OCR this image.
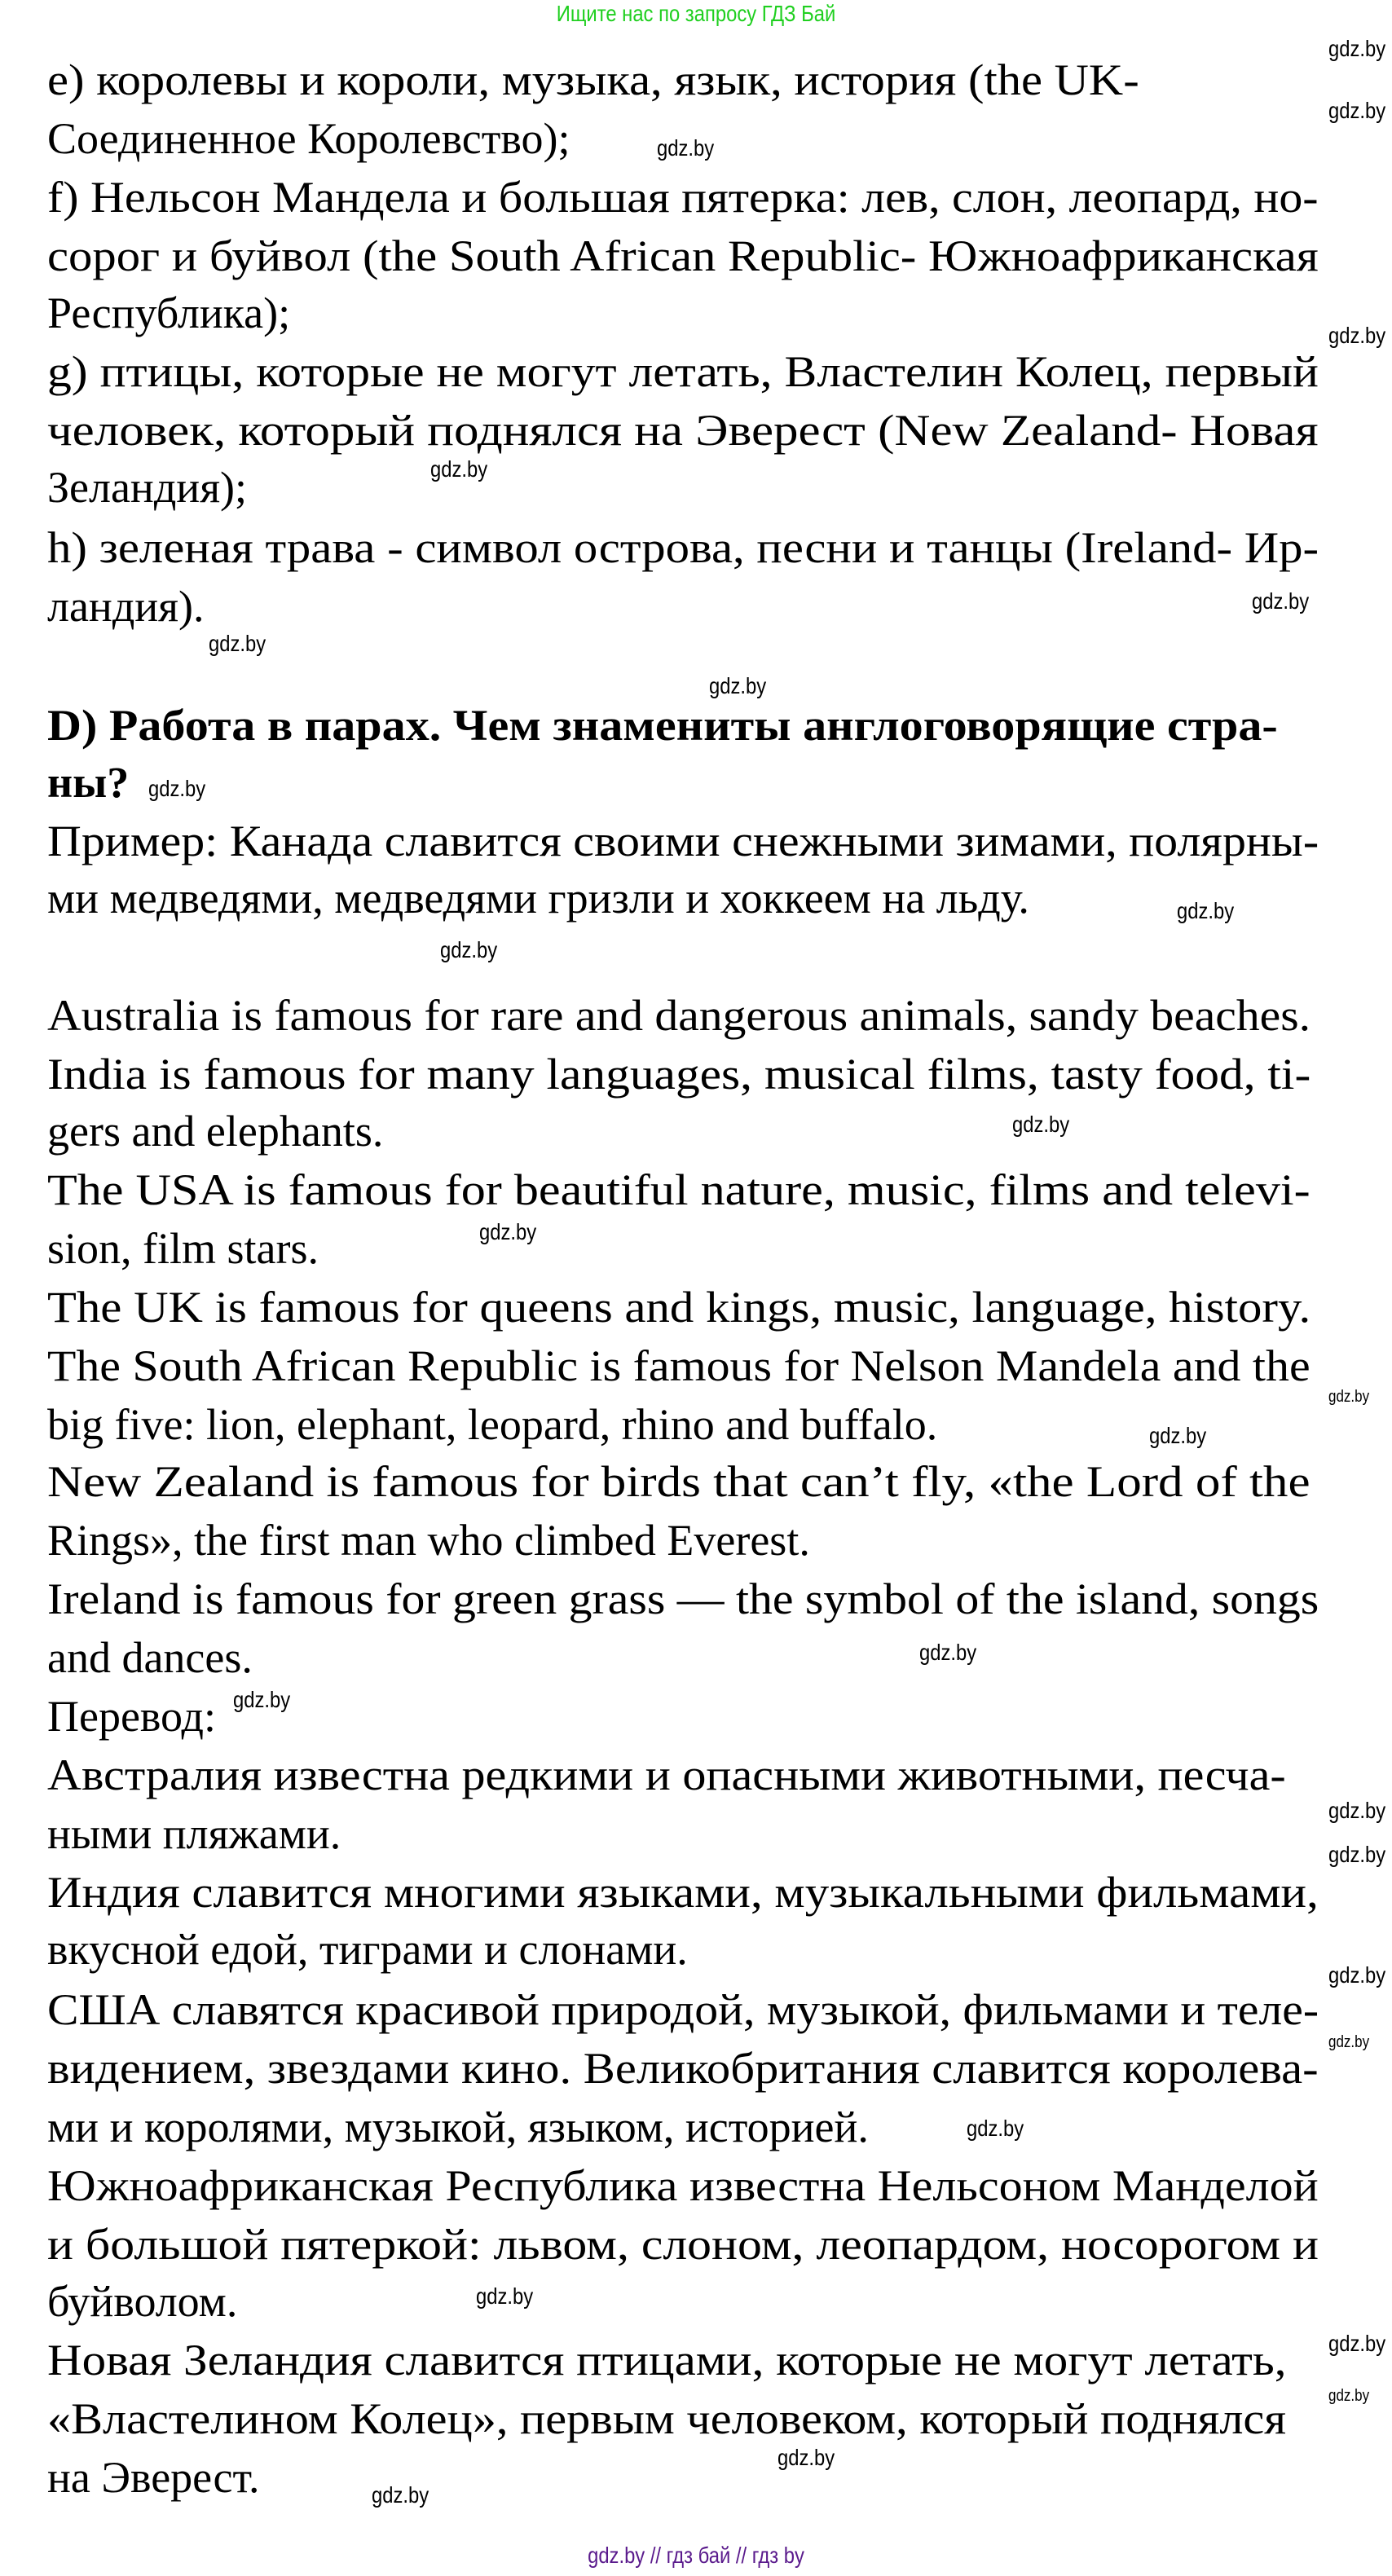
Ищите нас по запросу ГДЗ Бай
e) королевы и короли, музыка, язык, история (the UK-
Соединенное Королевство);
f) Нельсон Мандела и большая пятерка: лев, слон, леопард, но-
сорог и буйвол (the South African Republic- Южноафриканская
Республика);
g) птицы, которые не могут летать, Властелин Колец, первый
человек, который поднялся на Эверест (New Zealand- Новая
Зеландия);
h) зеленая трава - символ острова, песни и танцы (Ireland- Ир-
ландия).
D) Работа в парах. Чем знамениты англоговорящие стра-
ны?
Пример: Канада славится своими снежными зимами, полярны-
ми медведями, медведями гризли и хоккеем на льду.
Australia is famous for rare and dangerous animals, sandy beaches.
India is famous for many languages, musical films, tasty food, ti-
gers and elephants.
The USA is famous for beautiful nature, music, films and televi-
sion, film stars.
The UK is famous for queens and kings, music, language, history.
The South African Republic is famous for Nelson Mandela and the
big five: lion, elephant, leopard, rhino and buffalo.
New Zealand is famous for birds that can’t fly, «the Lord of the
Rings», the first man who climbed Everest.
Ireland is famous for green grass — the symbol of the island, songs
and dances.
Перевод:
Австралия известна редкими и опасными животными, песча-
ными пляжами.
Индия славится многими языками, музыкальными фильмами,
вкусной едой, тиграми и слонами.
США славятся красивой природой, музыкой, фильмами и теле-
видением, звездами кино. Великобритания славится королева-
ми и королями, музыкой, языком, историей.
Южноафриканская Республика известна Нельсоном Манделой
и большой пятеркой: львом, слоном, леопардом, носорогом и
буйволом.
Новая Зеландия славится птицами, которые не могут летать,
«Властелином Колец», первым человеком, который поднялся
на Эверест.
gdz.by
gdz.by
gdz.by
gdz.by
gdz.by
gdz.by
gdz.by
gdz.by
gdz.by
gdz.by
gdz.by
gdz.by
gdz.by
gdz.by
gdz.by
gdz.by
gdz.by
gdz.by
gdz.by
gdz.by
gdz.by
gdz.by
gdz.by
gdz.by
gdz.by
gdz.by
gdz.by
gdz.by // гдз бай // гдз by
